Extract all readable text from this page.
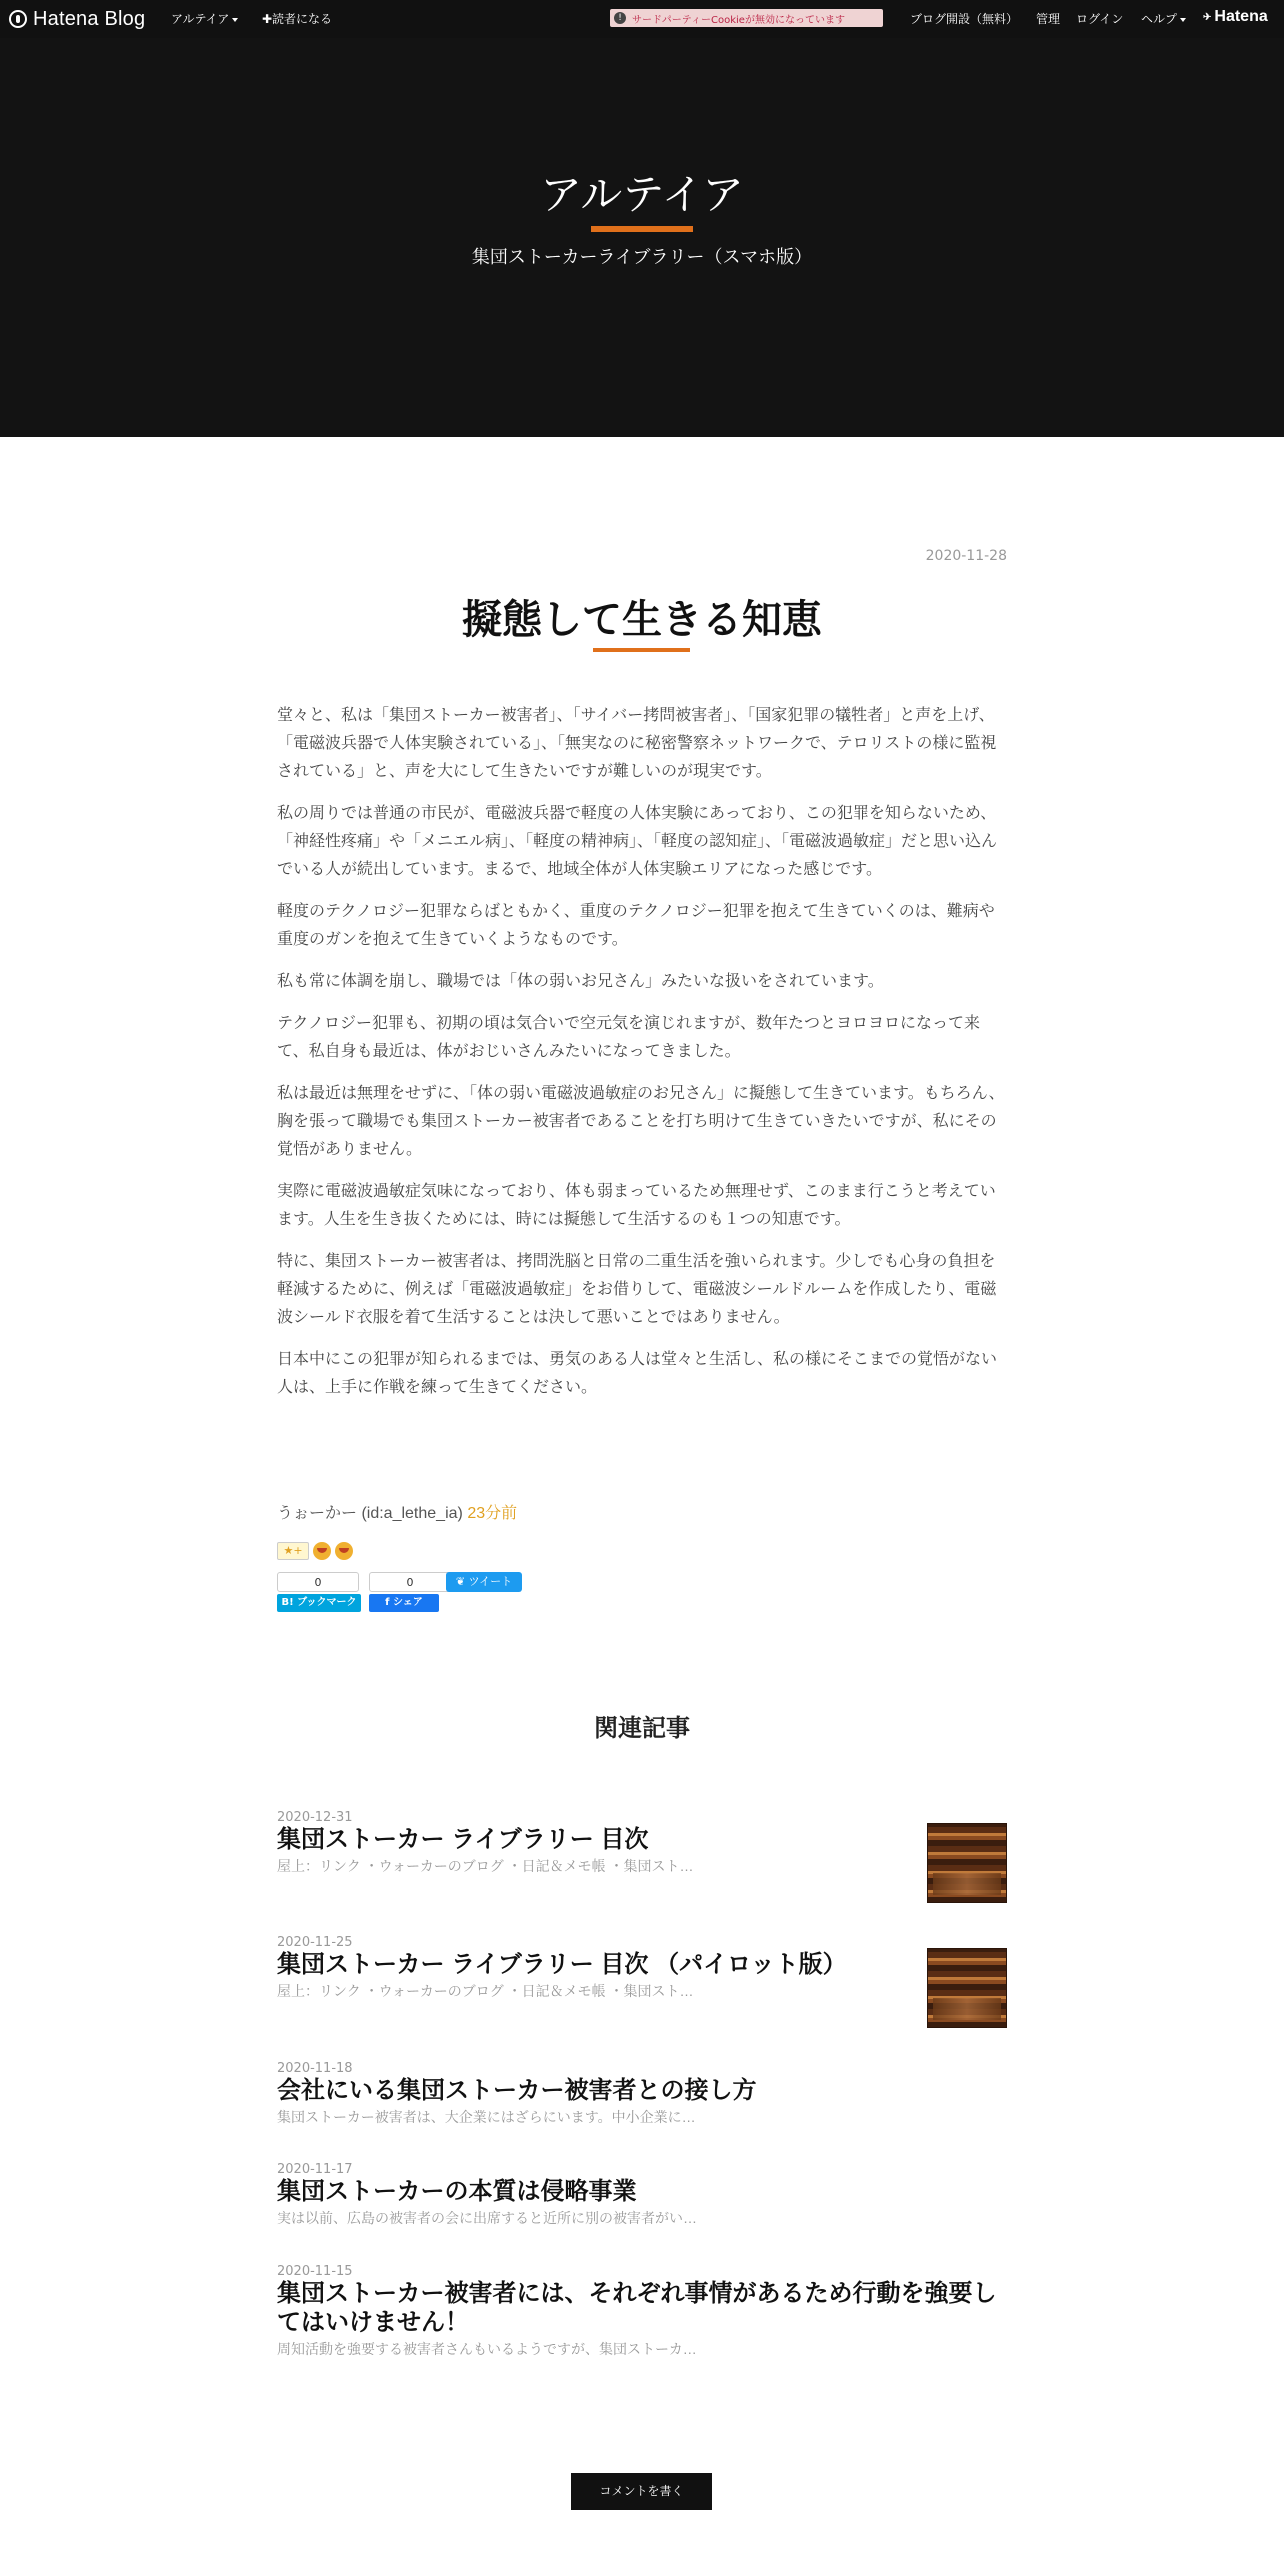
Hatena Blog アルテイア	✚読者になる	!	サードパーティーCookieが無効になっています	ブログ開設（無料） 管理 ログイン ヘルプ	✈ Hatena
アルテイア
集団ストーカーライブラリー（スマホ版）
2020-11-28
擬態して生きる知恵

堂々と、私は「集団ストーカー被害者」、「サイバー拷問被害者」、「国家犯罪の犠牲者」と声を上げ、
「電磁波兵器で人体実験されている」、「無実なのに秘密警察ネットワークで、テロリストの様に監視されている」と、声を大にして生きたいですが難しいのが現実です。

私の周りでは普通の市民が、電磁波兵器で軽度の人体実験にあっており、この犯罪を知らないため、「神経性疼痛」や「メニエル病」、「軽度の精神病」、「軽度の認知症」、「電磁波過敏症」だと思い込んでいる人が続出しています。まるで、地域全体が人体実験エリアになった感じです。

軽度のテクノロジー犯罪ならばともかく、重度のテクノロジー犯罪を抱えて生きていくのは、難病や重度のガンを抱えて生きていくようなものです。

私も常に体調を崩し、職場では「体の弱いお兄さん」みたいな扱いをされています。

テクノロジー犯罪も、初期の頃は気合いで空元気を演じれますが、数年たつとヨロヨロになって来て、私自身も最近は、体がおじいさんみたいになってきました。

私は最近は無理をせずに、「体の弱い電磁波過敏症のお兄さん」に擬態して生きています。もちろん、胸を張って職場でも集団ストーカー被害者であることを打ち明けて生きていきたいですが、私にその覚悟がありません。

実際に電磁波過敏症気味になっており、体も弱まっているため無理せず、このまま行こうと考えています。人生を生き抜くためには、時には擬態して生活するのも１つの知恵です。

特に、集団ストーカー被害者は、拷問洗脳と日常の二重生活を強いられます。少しでも心身の負担を軽減するために、例えば「電磁波過敏症」をお借りして、電磁波シールドルームを作成したり、電磁波シールド衣服を着て生活することは決して悪いことではありません。

日本中にこの犯罪が知られるまでは、勇気のある人は堂々と生活し、私の様にそこまでの覚悟がない人は、上手に作戦を練って生きてください。

うぉーかー (id:a_lethe_ia) 23分前
★+
0
B! ブックマーク
0
f シェア
❦ ツイート
関連記事
2020-12-31
集団ストーカー ライブラリー 目次
屋上：リンク ・ウォーカーのブログ ・日記＆メモ帳 ・集団スト…
2020-11-25
集団ストーカー ライブラリー 目次 （パイロット版）
屋上：リンク ・ウォーカーのブログ ・日記＆メモ帳 ・集団スト…
2020-11-18
会社にいる集団ストーカー被害者との接し方
集団ストーカー被害者は、大企業にはざらにいます。中小企業に…
2020-11-17
集団ストーカーの本質は侵略事業
実は以前、広島の被害者の会に出席すると近所に別の被害者がい…
2020-11-15
集団ストーカー被害者には、それぞれ事情があるため行動を強要してはいけません！
周知活動を強要する被害者さんもいるようですが、集団ストーカ…
コメントを書く
